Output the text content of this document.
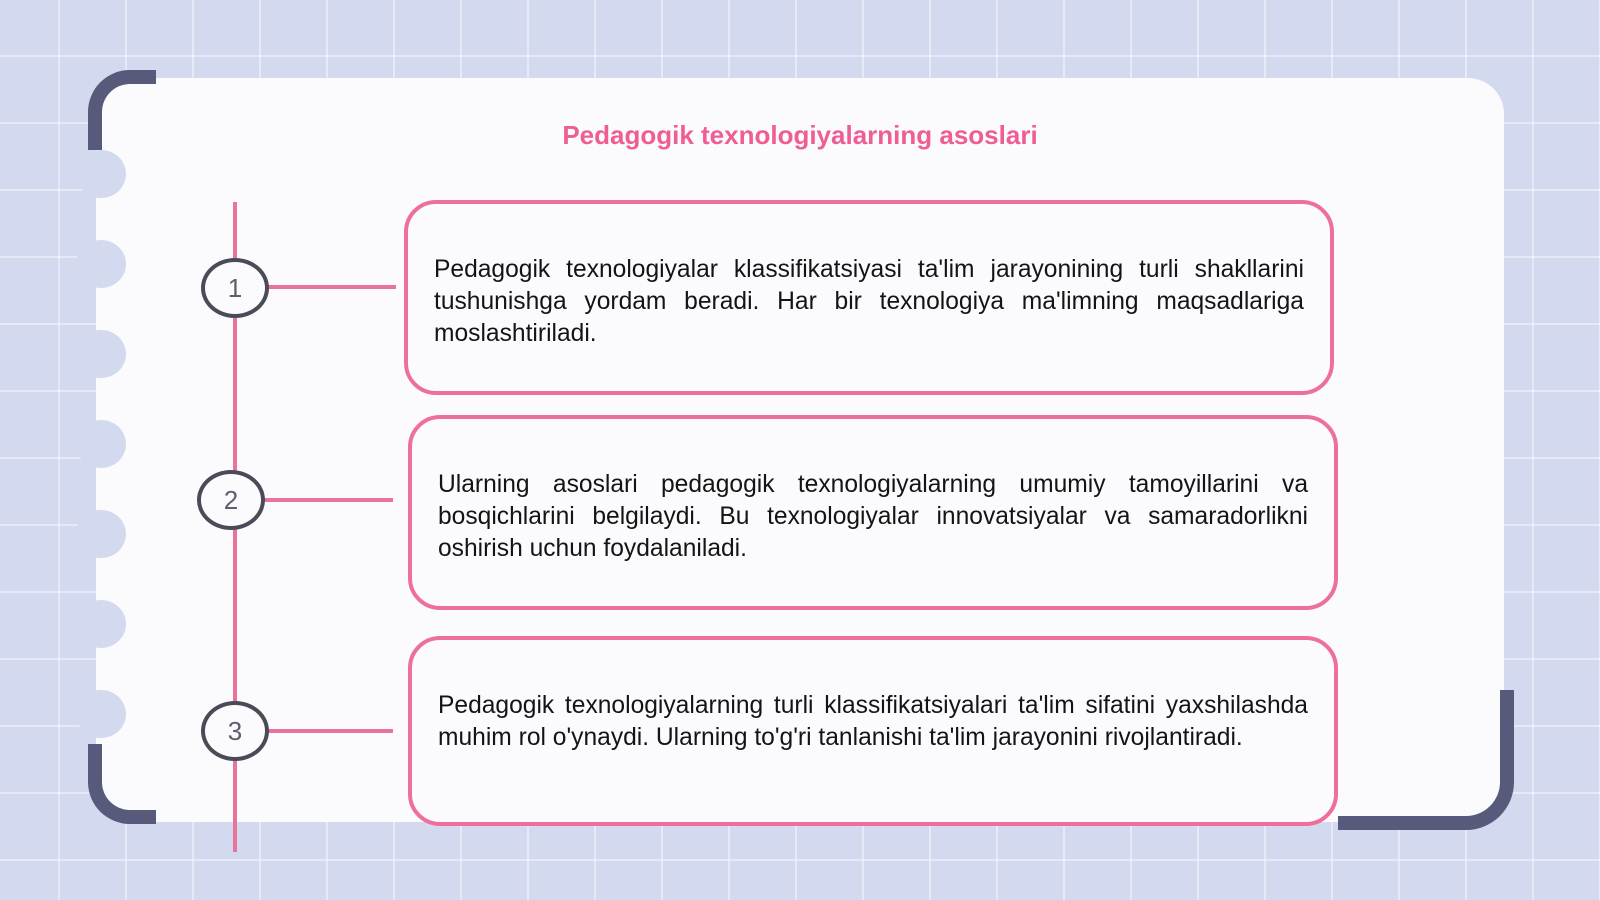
Pedagogik texnologiyalarning asoslari
1
2
3

Pedagogik texnologiyalar klassifikatsiyasi ta'lim jarayonining turli shakllarini tushunishga yordam beradi. Har bir texnologiya ma'limning maqsadlariga moslashtiriladi.

Ularning asoslari pedagogik texnologiyalarning umumiy tamoyillarini va bosqichlarini belgilaydi. Bu texnologiyalar innovatsiyalar va samaradorlikni oshirish uchun foydalaniladi.

Pedagogik texnologiyalarning turli klassifikatsiyalari ta'lim sifatini yaxshilashda muhim rol o'ynaydi. Ularning to'g'ri tanlanishi ta'lim jarayonini rivojlantiradi.
